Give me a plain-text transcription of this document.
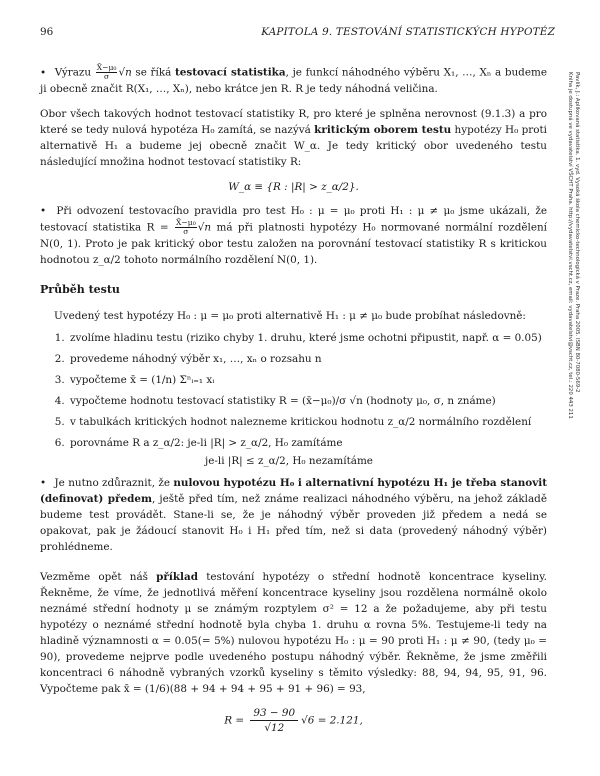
96	KAPITOLA 9. TESTOVÁNÍ STATISTICKÝCH HYPOTÉZ

• Výrazu $\frac{\text{X̄−μ₀}}{\sigma} √n$ se říká testovací statistika, je funkcí náhodného výběru X₁, …, Xₙ a budeme ji obecně značit R(X₁, …, Xₙ), nebo krátce jen R. R je tedy náhodná veličina.

Obor všech takových hodnot testovací statistiky R, pro které je splněna nerovnost (9.1.3) a pro které se tedy nulová hypotéza H₀ zamítá, se nazývá kritickým oborem testu hypotézy H₀ proti alternativě H₁ a budeme jej obecně značit W_α. Je tedy kritický obor uvedeného testu následující množina hodnot testovací statistiky R:

W_α ≡ {R : |R| > z_α/2}.

• Při odvození testovacího pravidla pro test H₀ : μ = μ₀ proti H₁ : μ ≠ μ₀ jsme ukázali, že testovací statistika $R = \frac{\text{X̄−μ₀}}{\sigma} √n$ má při platnosti hypotézy H₀ normované normální rozdělení N(0, 1). Proto je pak kritický obor testu založen na porovnání testovací statistiky R s kritickou hodnotou z_α/2 tohoto normálního rozdělení N(0, 1).

Průběh testu

Uvedený test hypotézy H₀ : μ = μ₀ proti alternativě H₁ : μ ≠ μ₀ bude probíhat následovně:

1. zvolíme hladinu testu (riziko chyby 1. druhu, které jsme ochotni připustit, např. α = 0.05)
2. provedeme náhodný výběr x₁, …, xₙ o rozsahu n
3. vypočteme x̄ = (1/n) Σⁿᵢ₌₁ xᵢ
4. vypočteme hodnotu testovací statistiky R = (x̄−μ₀)/σ √n (hodnoty μ₀, σ, n známe)
5. v tabulkách kritických hodnot nalezneme kritickou hodnotu z_α/2 normálního rozdělení
6. porovnáme R a z_α/2: je-li |R| > z_α/2, H₀ zamítáme
je-li |R| ≤ z_α/2, H₀ nezamítáme

• Je nutno zdůraznit, že nulovou hypotézu H₀ i alternativní hypotézu H₁ je třeba stanovit (definovat) předem, ještě před tím, než známe realizaci náhodného výběru, na jehož základě budeme test provádět. Stane-li se, že je náhodný výběr proveden již předem a nedá se opakovat, pak je žádoucí stanovit H₀ i H₁ před tím, než si data (provedený náhodný výběr) prohlédneme.

Vezměme opět náš příklad testování hypotézy o střední hodnotě koncentrace kyseliny. Řekněme, že víme, že jednotlivá měření koncentrace kyseliny jsou rozdělena normálně okolo neznámé střední hodnoty μ se známým rozptylem σ² = 12 a že požadujeme, aby při testu hypotézy o neznámé střední hodnotě byla chyba 1. druhu α rovna 5%. Testujeme-li tedy na hladině významnosti α = 0.05(= 5%) nulovou hypotézu H₀ : μ = 90 proti H₁ : μ ≠ 90, (tedy μ₀ = 90), provedeme nejprve podle uvedeného postupu náhodný výběr. Řekněme, že jsme změřili koncentraci 6 náhodně vybraných vzorků kyseliny s těmito výsledky: 88, 94, 94, 95, 91, 96. Vypočteme pak x̄ = (1/6)(88 + 94 + 94 + 95 + 91 + 96) = 93,

$R = \frac{93 - 90}{√12} √6 = 2.121$,
Pavlík, J.: Aplikovaná statistika. 1. vyd. Vysoká škola chemicko-technologická v Praze. Praha 2005. ISBN 80-7080-569-2
Kniha je dostupná ve vydavatelství VŠCHT Praha. http://vydavatelstvi.vscht.cz, email: vydavatelstvi@vscht.cz, tel.: 220 443 211
